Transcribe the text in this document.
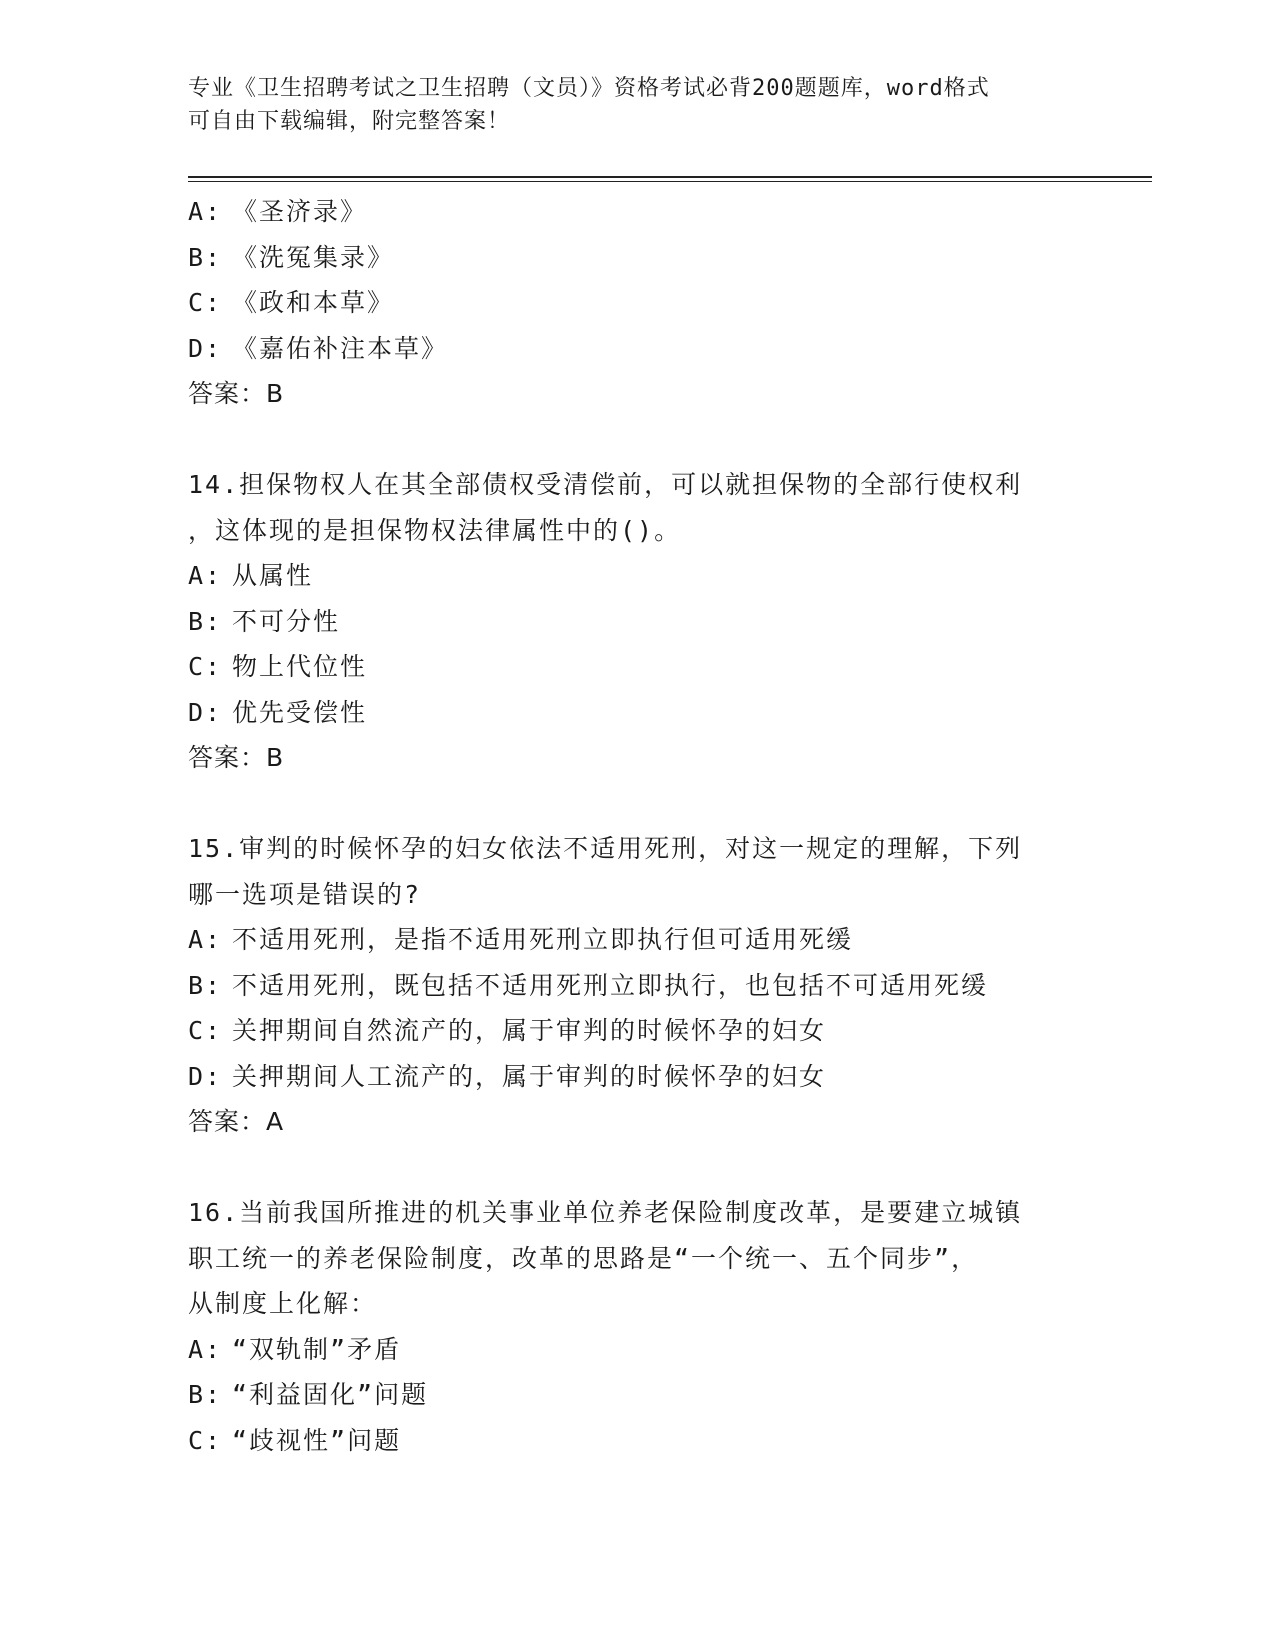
专业《卫生招聘考试之卫生招聘（文员）》资格考试必背200题题库，word格式
可自由下载编辑，附完整答案！
A: 《圣济录》
B: 《洗冤集录》
C: 《政和本草》
D: 《嘉佑补注本草》
答案：B
14.担保物权人在其全部债权受清偿前，可以就担保物的全部行使权利
，这体现的是担保物权法律属性中的()。
A: 从属性
B: 不可分性
C: 物上代位性
D: 优先受偿性
答案：B
15.审判的时候怀孕的妇女依法不适用死刑，对这一规定的理解，下列
哪一选项是错误的?
A: 不适用死刑，是指不适用死刑立即执行但可适用死缓
B: 不适用死刑，既包括不适用死刑立即执行，也包括不可适用死缓
C: 关押期间自然流产的，属于审判的时候怀孕的妇女
D: 关押期间人工流产的，属于审判的时候怀孕的妇女
答案：A
16.当前我国所推进的机关事业单位养老保险制度改革，是要建立城镇
职工统一的养老保险制度，改革的思路是“一个统一、五个同步”，
从制度上化解：
A: “双轨制”矛盾
B: “利益固化”问题
C: “歧视性”问题
